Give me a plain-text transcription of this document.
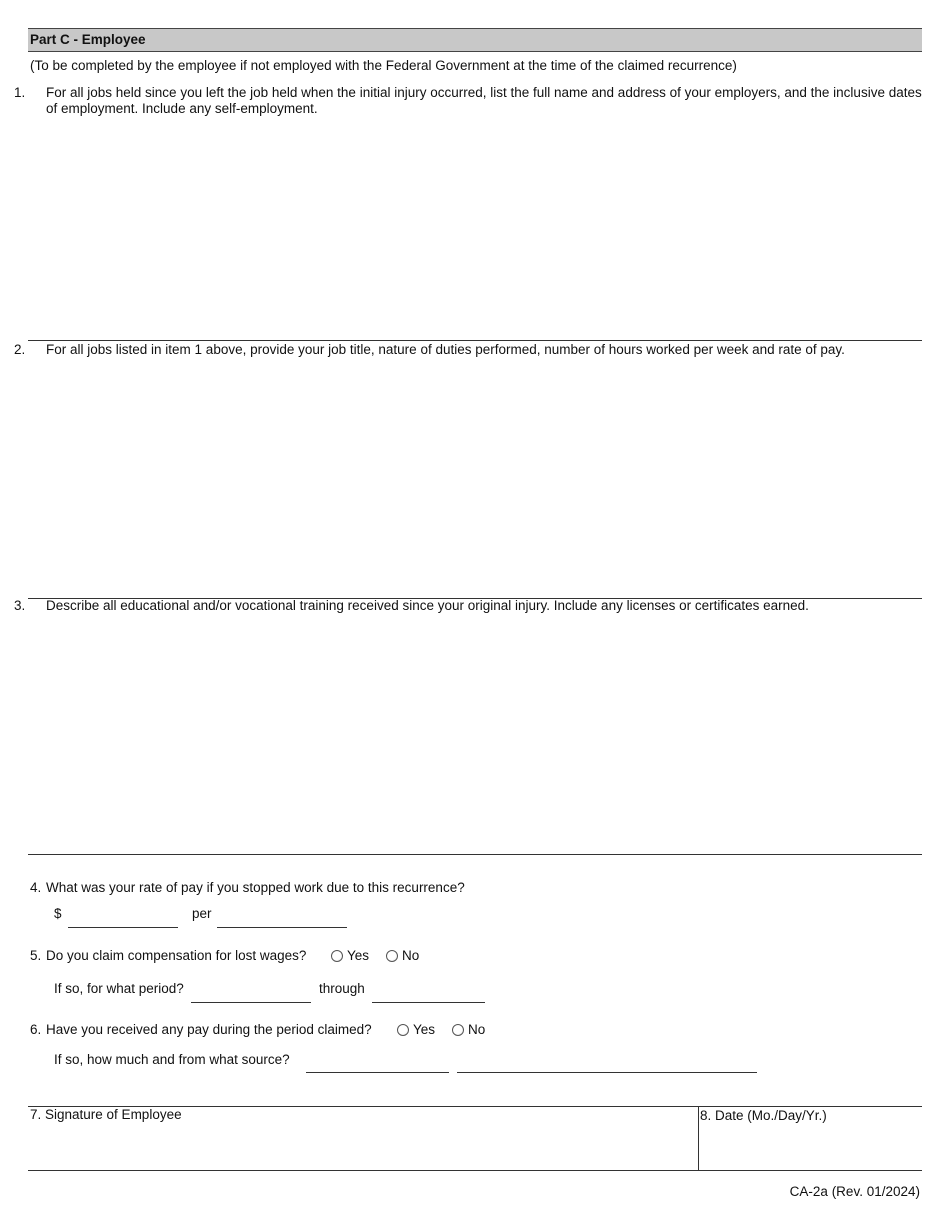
Part C - Employee
(To be completed by the employee if not employed with the Federal Government at the time of the claimed recurrence)
1. For all jobs held since you left the job held when the initial injury occurred, list the full name and address of your employers, and the inclusive dates of employment. Include any self-employment.
2. For all jobs listed in item 1 above, provide your job title, nature of duties performed, number of hours worked per week and rate of pay.
3. Describe all educational and/or vocational training received since your original injury. Include any licenses or certificates earned.
4. What was your rate of pay if you stopped work due to this recurrence?
$	per
5. Do you claim compensation for lost wages?	Yes No
If so, for what period?	through
6. Have you received any pay during the period claimed?	Yes No
If so, how much and from what source?
7. Signature of Employee	8. Date (Mo./Day/Yr.)
CA-2a (Rev. 01/2024)
